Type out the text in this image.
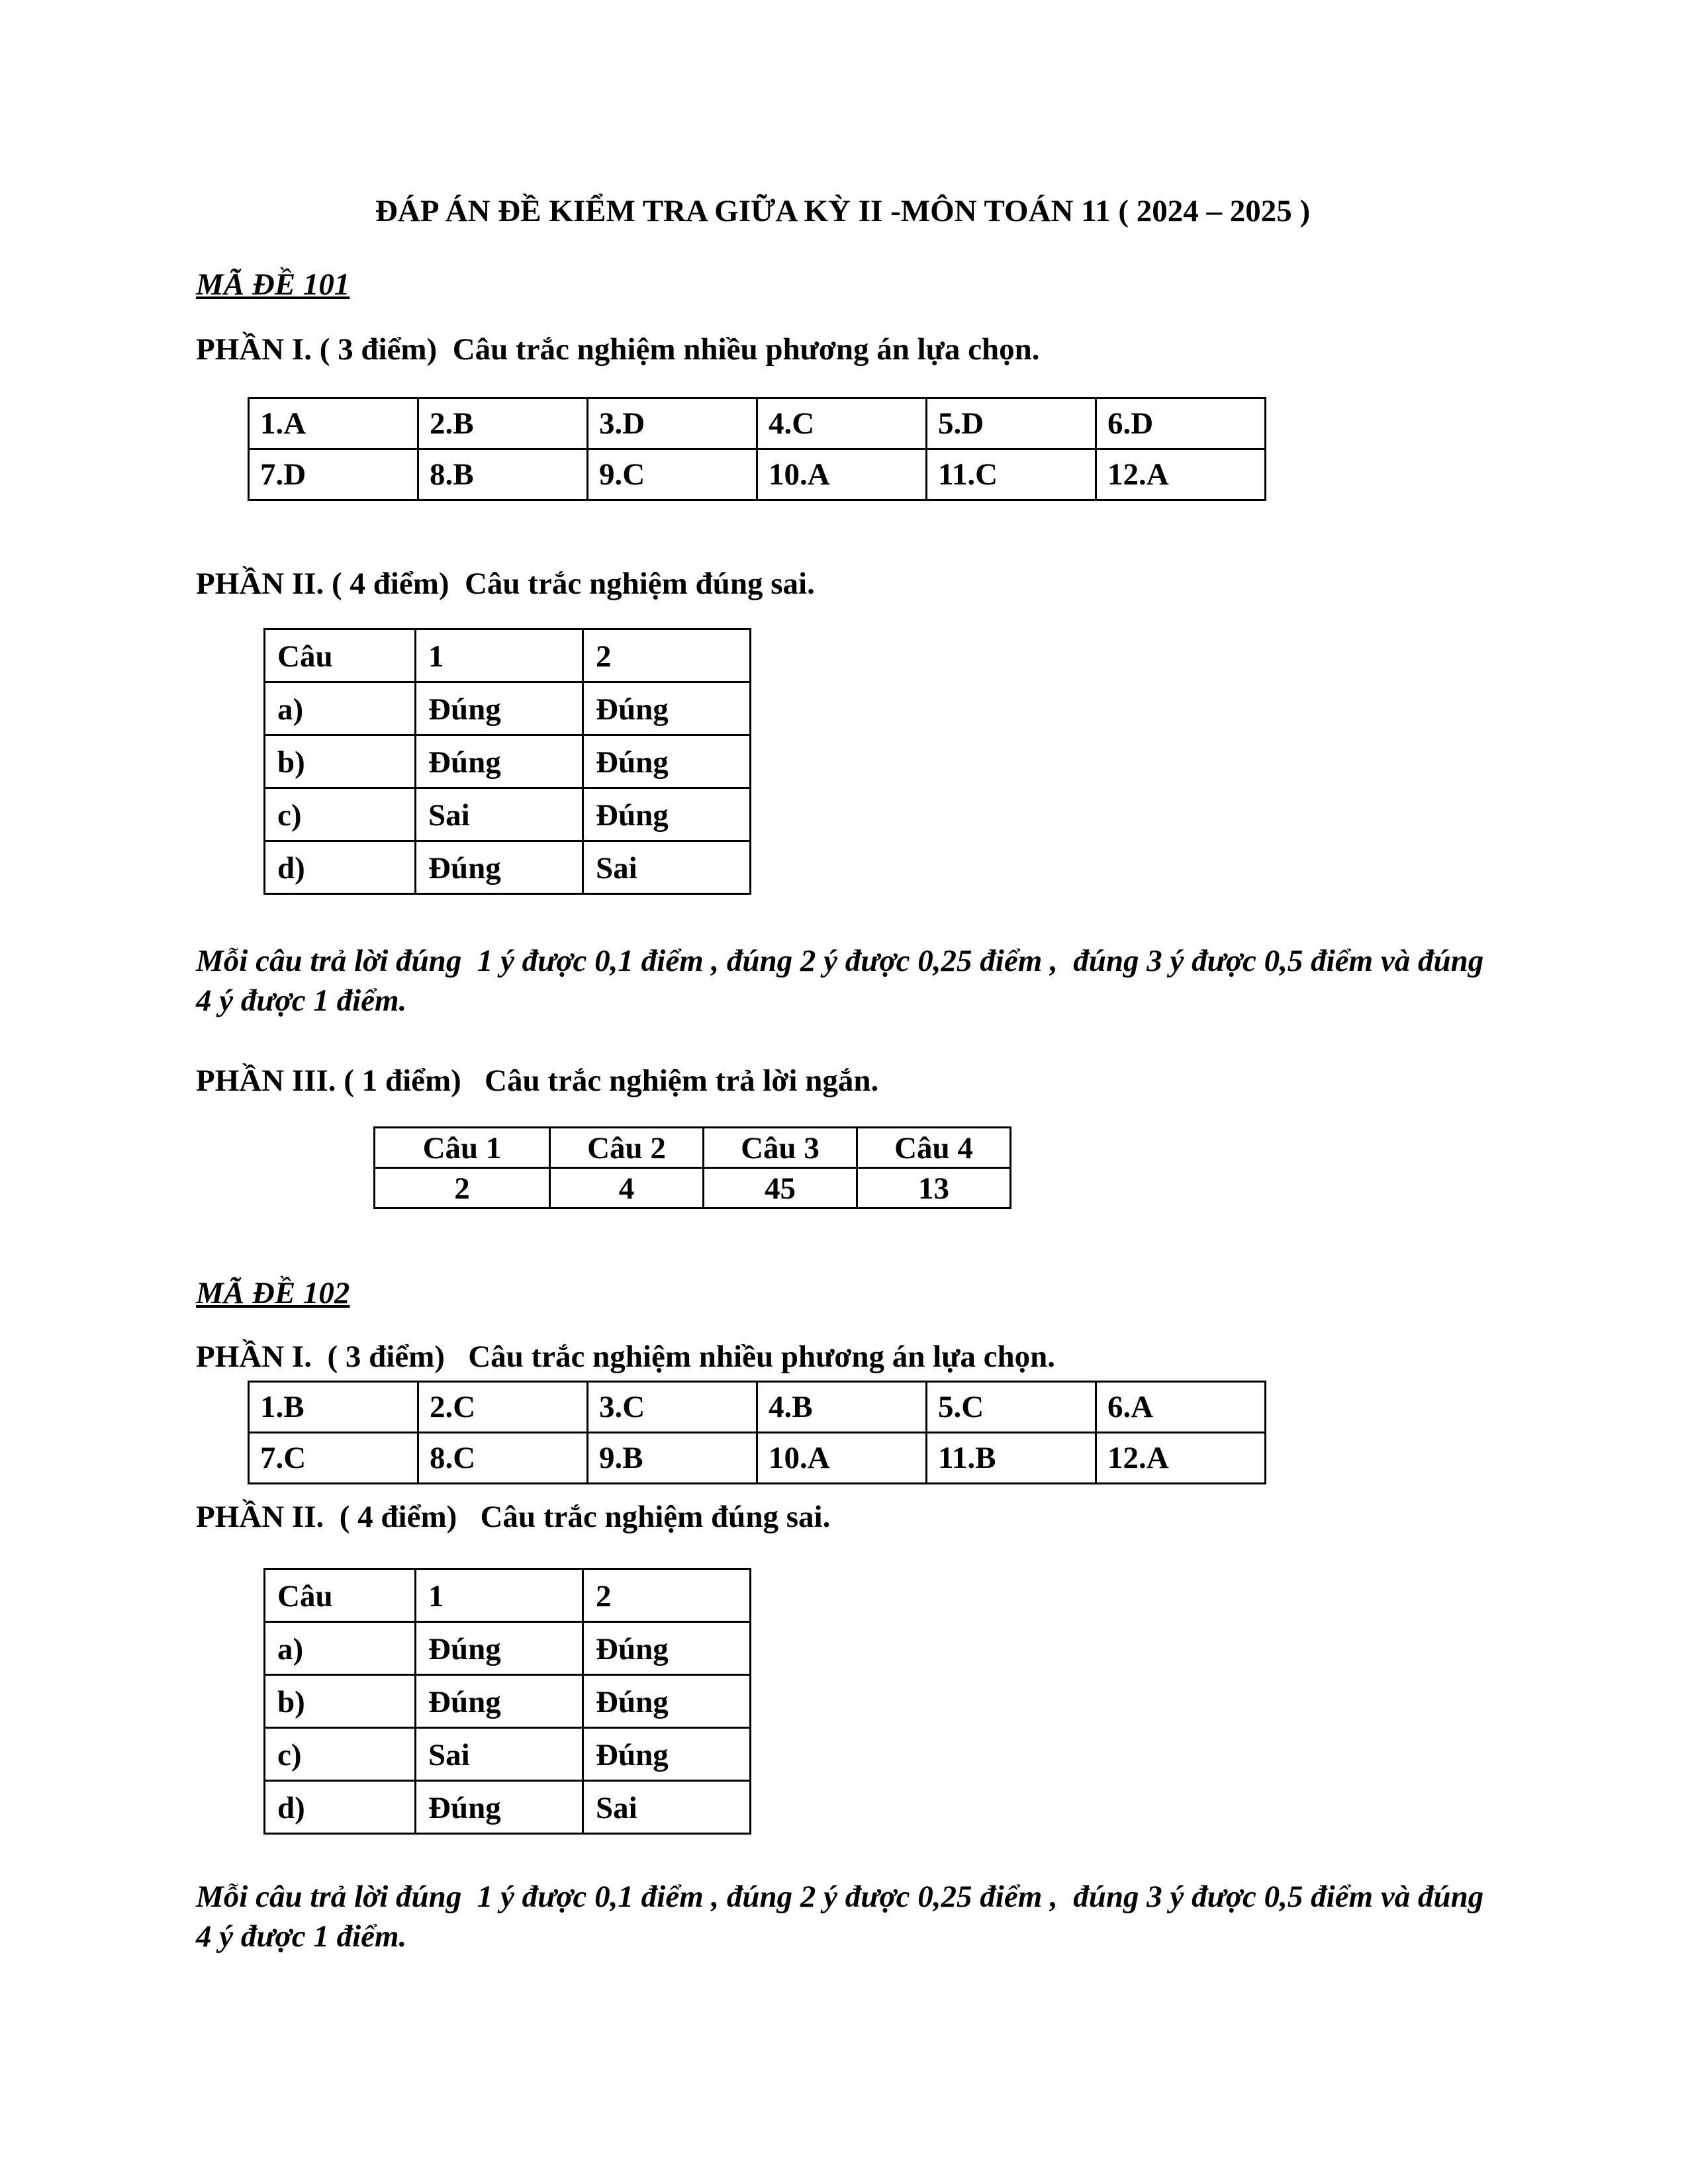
ĐÁP ÁN ĐỀ KIỂM TRA GIỮA KỲ II -MÔN TOÁN 11 ( 2024 – 2025 )
MÃ ĐỀ 101
PHẦN I. ( 3 điểm)  Câu trắc nghiệm nhiều phương án lựa chọn.
1.A	2.B	3.D	4.C	5.D	6.D
7.D	8.B	9.C	10.A	11.C	12.A
PHẦN II. ( 4 điểm)  Câu trắc nghiệm đúng sai.
Câu	1	2
a)	Đúng	Đúng
b)	Đúng	Đúng
c)	Sai	Đúng
d)	Đúng	Sai
Mỗi câu trả lời đúng  1 ý được 0,1 điểm , đúng 2 ý được 0,25 điểm ,  đúng 3 ý được 0,5 điểm và đúng 4 ý được 1 điểm.
PHẦN III. ( 1 điểm)   Câu trắc nghiệm trả lời ngắn.
Câu 1	Câu 2	Câu 3	Câu 4
2	4	45	13
MÃ ĐỀ 102
PHẦN I.  ( 3 điểm)   Câu trắc nghiệm nhiều phương án lựa chọn.
1.B	2.C	3.C	4.B	5.C	6.A
7.C	8.C	9.B	10.A	11.B	12.A
PHẦN II.  ( 4 điểm)   Câu trắc nghiệm đúng sai.
Câu	1	2
a)	Đúng	Đúng
b)	Đúng	Đúng
c)	Sai	Đúng
d)	Đúng	Sai
Mỗi câu trả lời đúng  1 ý được 0,1 điểm , đúng 2 ý được 0,25 điểm ,  đúng 3 ý được 0,5 điểm và đúng 4 ý được 1 điểm.
